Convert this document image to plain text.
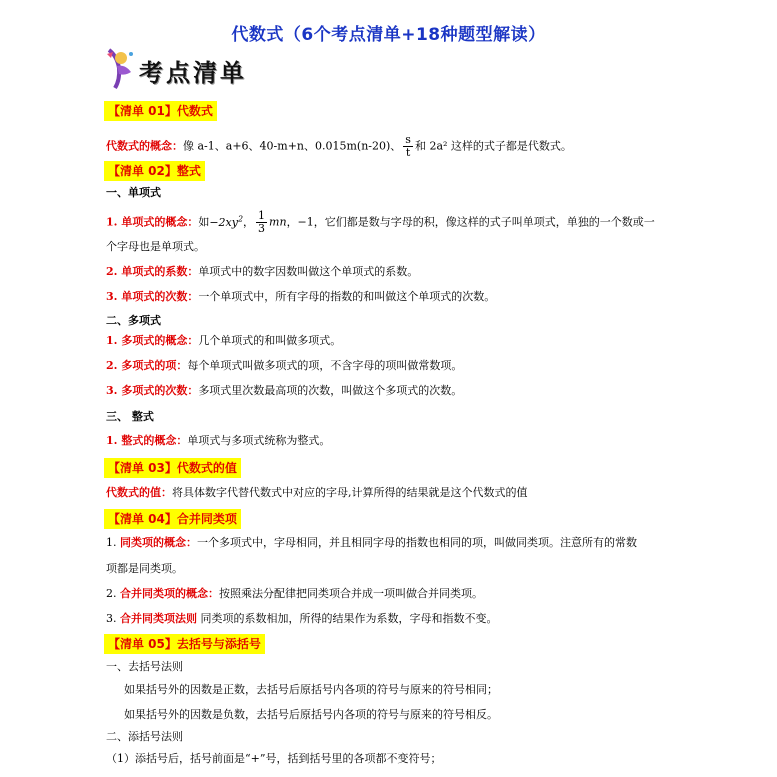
代数式（6个考点清单+18种题型解读）
考点清单
【清单 01】代数式
代数式的概念：像 a-1、a+6、40-m+n、0.015m(n-20)、 $\frac{s}{t}$ 和 2a² 这样的式子都是代数式。
【清单 02】整式
一、单项式
1. 单项式的概念：如$-2xy^2$， $\frac{1}{3}$ mn，−1，它们都是数与字母的积，像这样的式子叫单项式，单独的一个数或一
个字母也是单项式。
2. 单项式的系数：单项式中的数字因数叫做这个单项式的系数。
3. 单项式的次数：一个单项式中，所有字母的指数的和叫做这个单项式的次数。
二、多项式
1. 多项式的概念：几个单项式的和叫做多项式。
2. 多项式的项：每个单项式叫做多项式的项，不含字母的项叫做常数项。
3. 多项式的次数：多项式里次数最高项的次数，叫做这个多项式的次数。
三、 整式
1. 整式的概念：单项式与多项式统称为整式。
【清单 03】代数式的值
代数式的值：将具体数字代替代数式中对应的字母,计算所得的结果就是这个代数式的值
【清单 04】合并同类项
1. 同类项的概念：一个多项式中，字母相同，并且相同字母的指数也相同的项，叫做同类项。注意所有的常数
项都是同类项。
2. 合并同类项的概念：按照乘法分配律把同类项合并成一项叫做合并同类项。
3. 合并同类项法则 同类项的系数相加，所得的结果作为系数，字母和指数不变。
【清单 05】去括号与添括号
一、去括号法则
如果括号外的因数是正数，去括号后原括号内各项的符号与原来的符号相同；
如果括号外的因数是负数，去括号后原括号内各项的符号与原来的符号相反。
二、添括号法则
（1）添括号后，括号前面是“+”号，括到括号里的各项都不变符号；
